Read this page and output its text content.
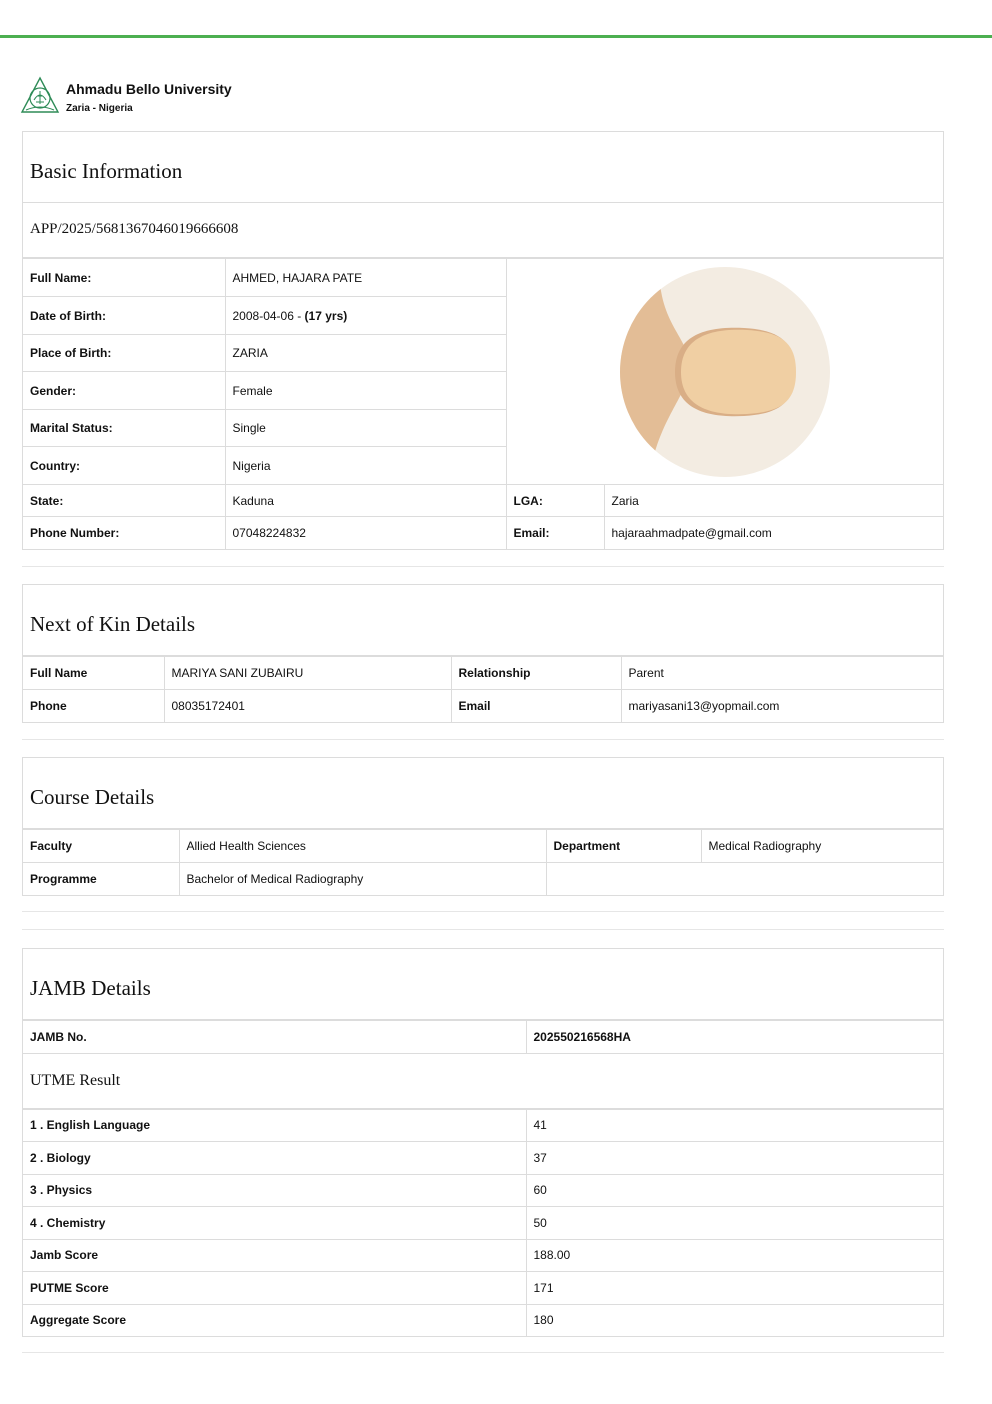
Ahmadu Bello University
Zaria - Nigeria
Basic Information
APP/2025/5681367046019666608
Full Name:	AHMED, HAJARA PATE	

Date of Birth:	2008-04-06 - (17 yrs)		
Place of Birth:	ZARIA		
Gender:	Female		
Marital Status:	Single		
Country:	Nigeria		
State:	Kaduna	LGA:	Zaria
Phone Number:	07048224832	Email:	hajaraahmadpate@gmail.com
Next of Kin Details
Full Name	MARIYA SANI ZUBAIRU	Relationship	Parent
Phone	08035172401	Email	mariyasani13@yopmail.com
Course Details
Faculty	Allied Health Sciences	Department	Medical Radiography
Programme	Bachelor of Medical Radiography		
JAMB Details
JAMB No.	202550216568HA
UTME Result
1 . English Language	41
2 . Biology	37
3 . Physics	60
4 . Chemistry	50
Jamb Score	188.00
PUTME Score	171
Aggregate Score	180
